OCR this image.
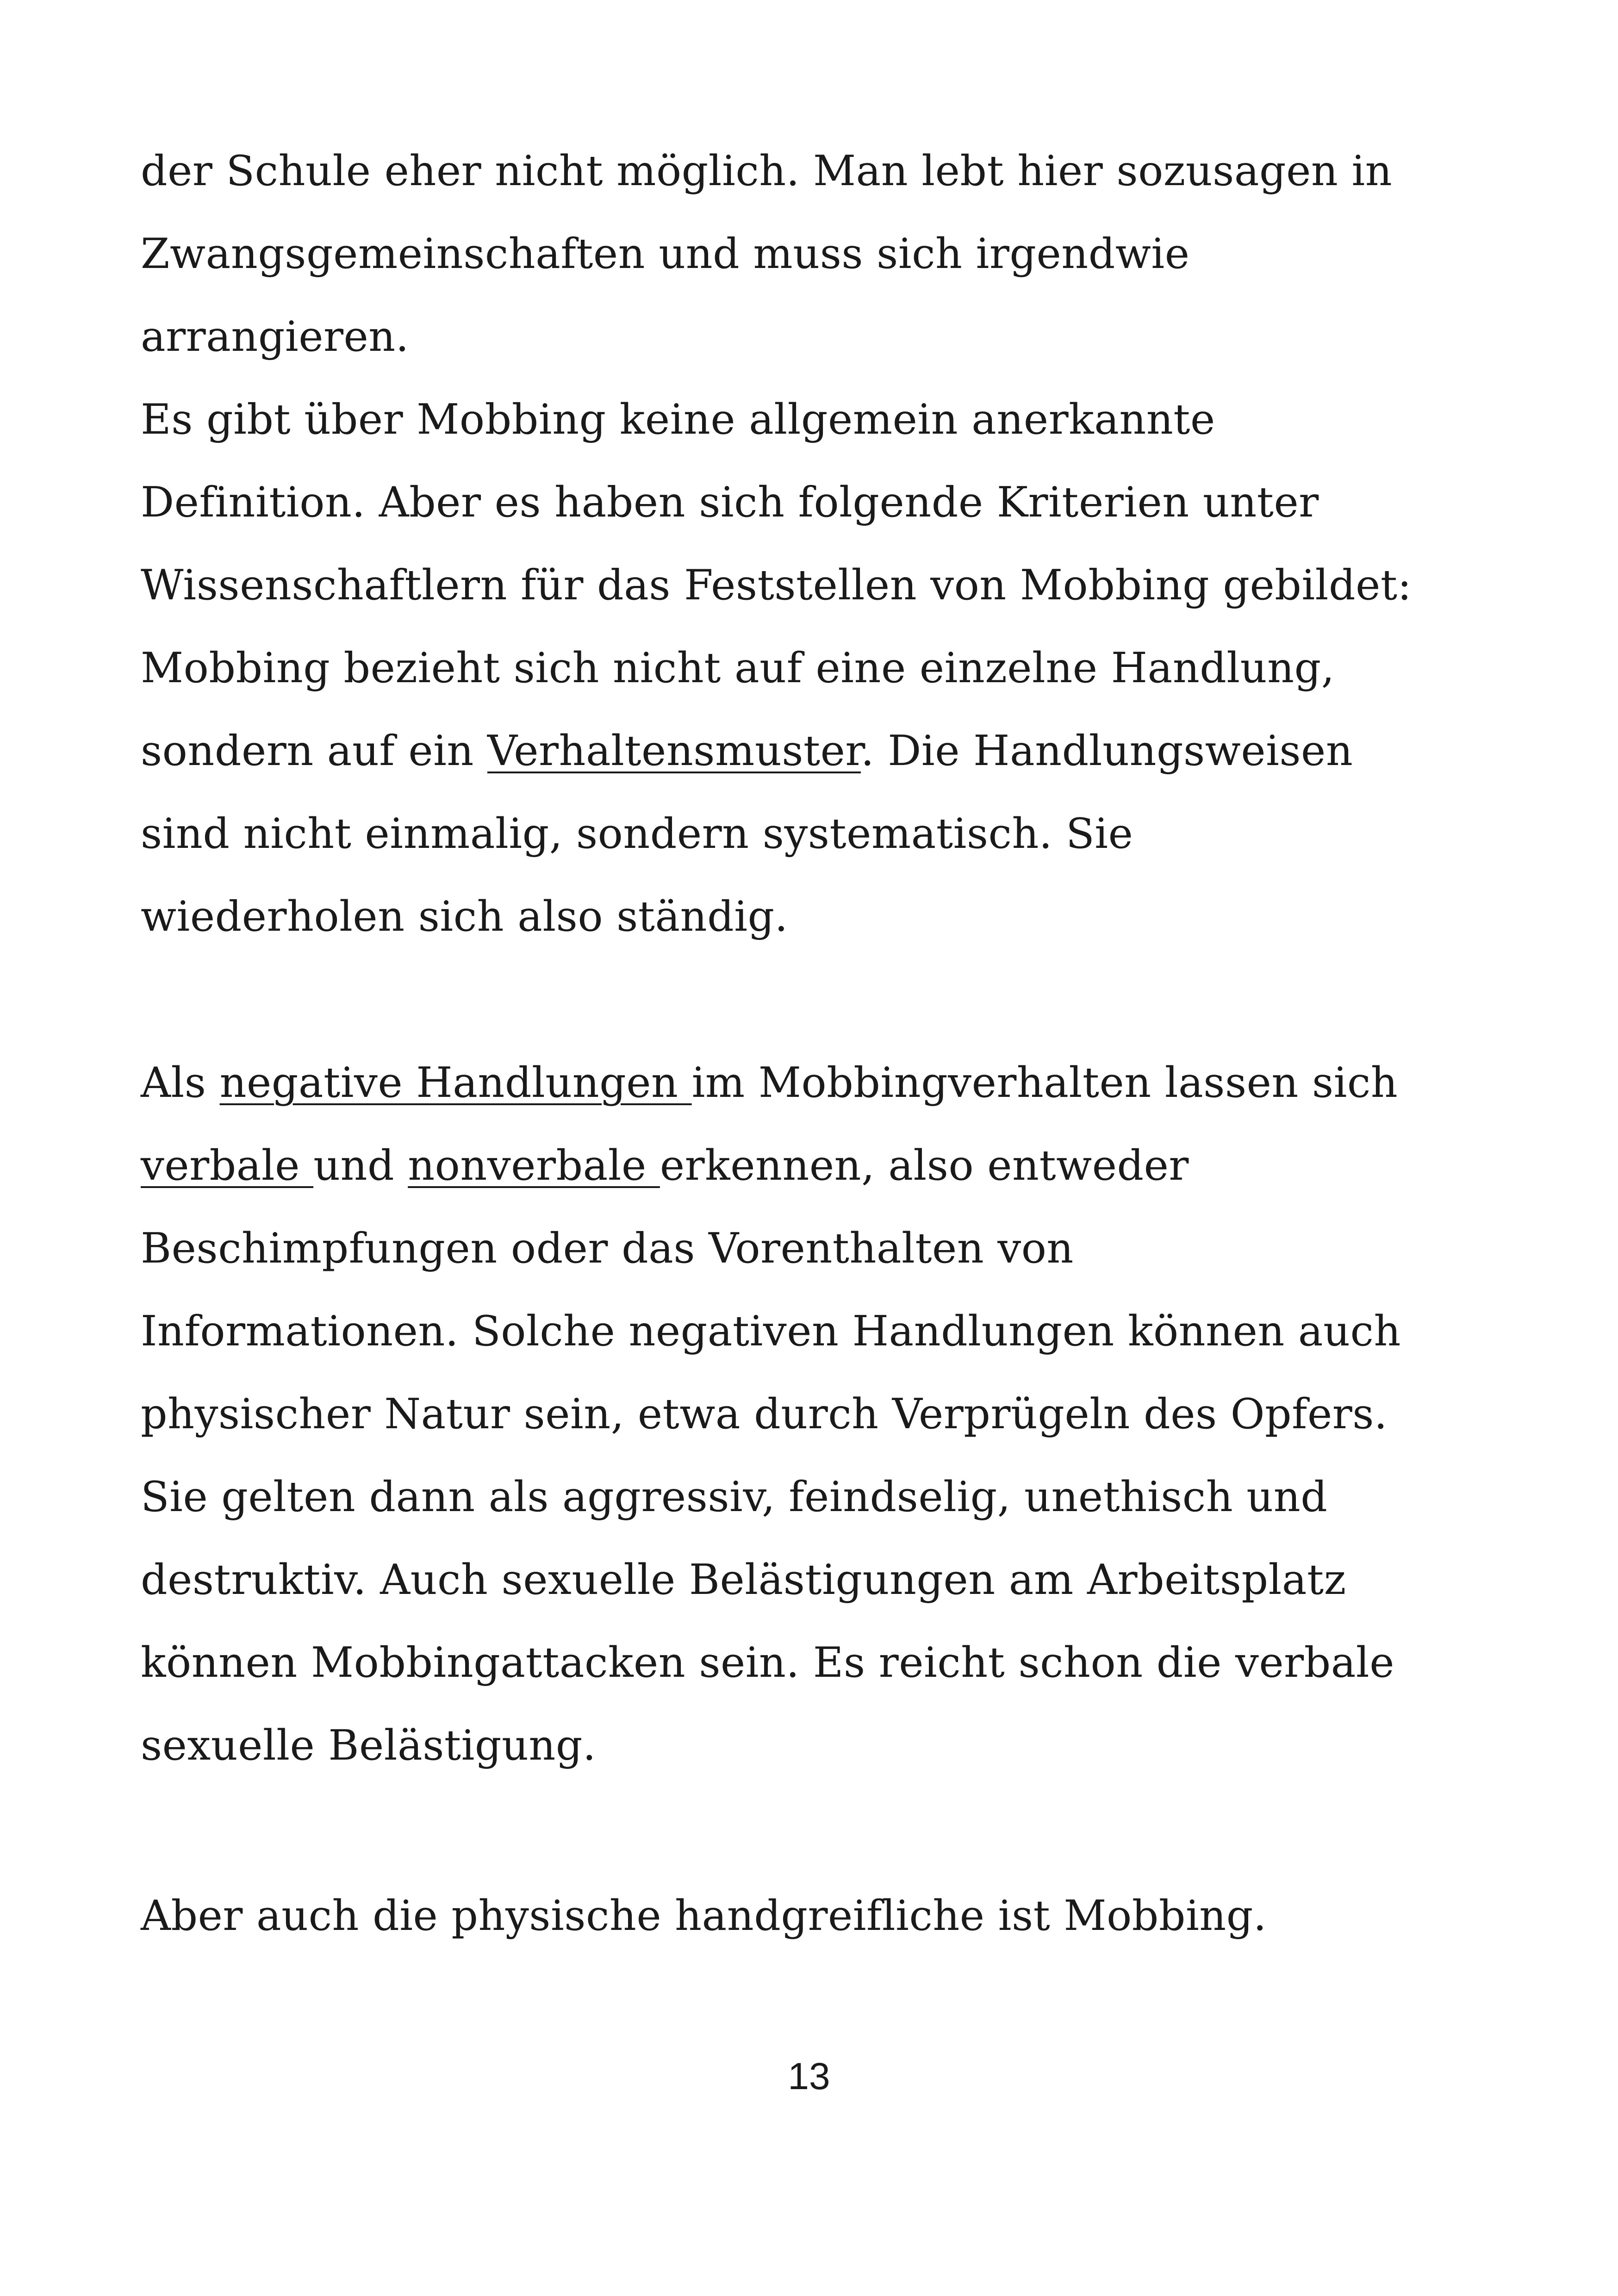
der Schule eher nicht möglich. Man lebt hier sozusagen in
Zwangsgemeinschaften und muss sich irgendwie
arrangieren.
Es gibt über Mobbing keine allgemein anerkannte
Definition. Aber es haben sich folgende Kriterien unter
Wissenschaftlern für das Feststellen von Mobbing gebildet:
Mobbing bezieht sich nicht auf eine einzelne Handlung,
sondern auf ein Verhaltensmuster. Die Handlungsweisen
sind nicht einmalig, sondern systematisch. Sie
wiederholen sich also ständig.
Als negative Handlungen im Mobbingverhalten lassen sich
verbale und nonverbale erkennen, also entweder
Beschimpfungen oder das Vorenthalten von
Informationen. Solche negativen Handlungen können auch
physischer Natur sein, etwa durch Verprügeln des Opfers.
Sie gelten dann als aggressiv, feindselig, unethisch und
destruktiv. Auch sexuelle Belästigungen am Arbeitsplatz
können Mobbingattacken sein. Es reicht schon die verbale
sexuelle Belästigung.
Aber auch die physische handgreifliche ist Mobbing.
13
